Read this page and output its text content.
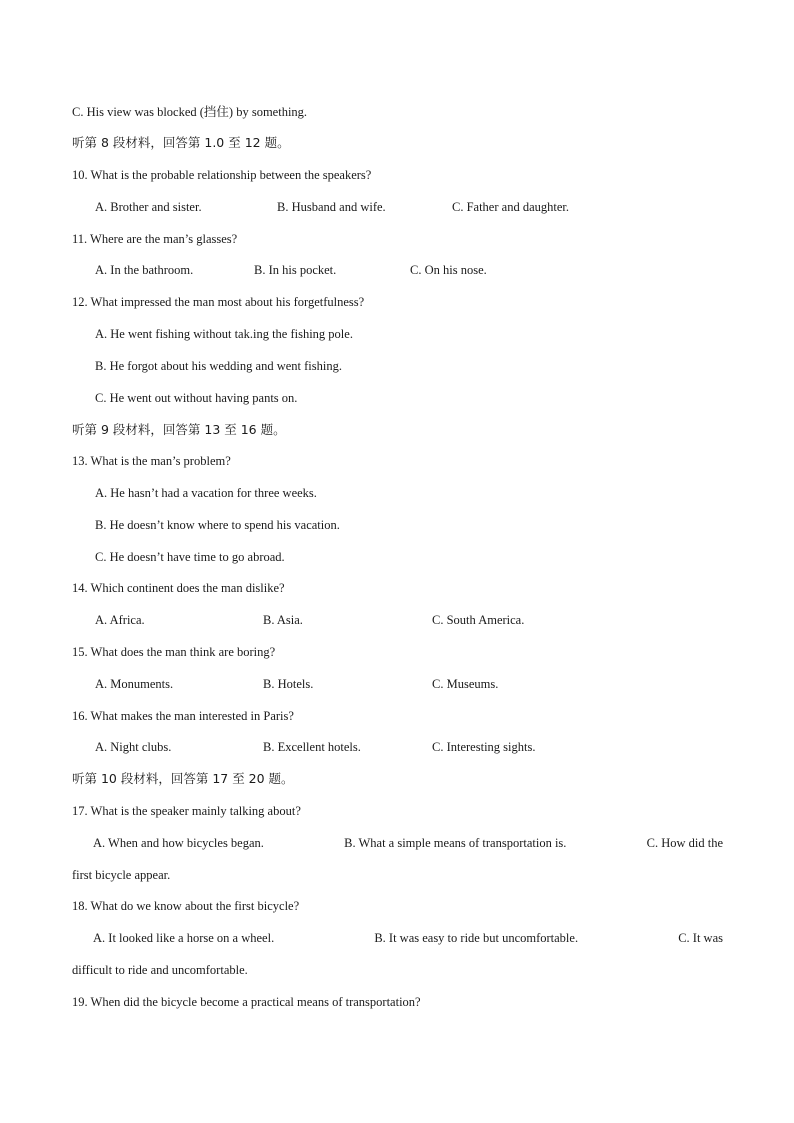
C. His view was blocked (挡住) by something.
听第 8 段材料，回答第 1.0 至 12 题。
10. What is the probable relationship between the speakers?
A. Brother and sister.	B. Husband and wife.	C. Father and daughter.
11. Where are the man’s glasses?
A. In the bathroom.	B. In his pocket.	C. On his nose.
12. What impressed the man most about his forgetfulness?
A. He went fishing without tak.ing the fishing pole.
B. He forgot about his wedding and went fishing.
C. He went out without having pants on.
听第 9 段材料，回答第 13 至 16 题。
13. What is the man’s problem?
A. He hasn’t had a vacation for three weeks.
B. He doesn’t know where to spend his vacation.
C. He doesn’t have time to go abroad.
14. Which continent does the man dislike?
A. Africa.	B. Asia.	C. South America.
15. What does the man think are boring?
A. Monuments.	B. Hotels.	C. Museums.
16. What makes the man interested in Paris?
A. Night clubs.	B. Excellent hotels.	C. Interesting sights.
听第 10 段材料，回答第 17 至 20 题。
17. What is the speaker mainly talking about?
A. When and how bicycles began.	B. What a simple means of transportation is.	C. How did the
first bicycle appear.
18. What do we know about the first bicycle?
A. It looked like a horse on a wheel.	B. It was easy to ride but uncomfortable.	C. It was
difficult to ride and uncomfortable.
19. When did the bicycle become a practical means of transportation?
